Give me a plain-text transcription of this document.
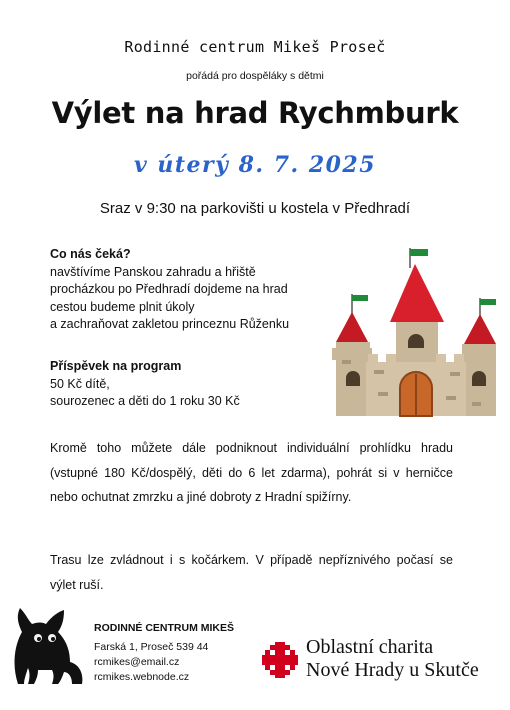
Rodinné centrum Mikeš Proseč
pořádá pro dospěláky s dětmi
Výlet na hrad Rychmburk
v úterý 8. 7. 2025
Sraz v 9:30 na parkovišti u kostela v Předhradí
Co nás čeká?
navštívíme Panskou zahradu a hřiště
procházkou po Předhradí dojdeme na hrad
cestou budeme plnit úkoly
a zachraňovat zakletou princeznu Růženku
Příspěvek na program
50 Kč dítě,
sourozenec a děti do 1 roku 30 Kč
Kromě toho můžete dále podniknout individuální prohlídku hradu (vstupné 180 Kč/dospělý, děti do 6 let zdarma), pohrát si v herničce nebo ochutnat zmrzku a jiné dobroty z Hradní spižírny.
Trasu lze zvládnout i s kočárkem. V případě nepříznivého počasí se výlet ruší.
RODINNÉ CENTRUM MIKEŠ
Farská 1, Proseč 539 44
rcmikes@email.cz
rcmikes.webnode.cz
Oblastní charita
Nové Hrady u Skutče
